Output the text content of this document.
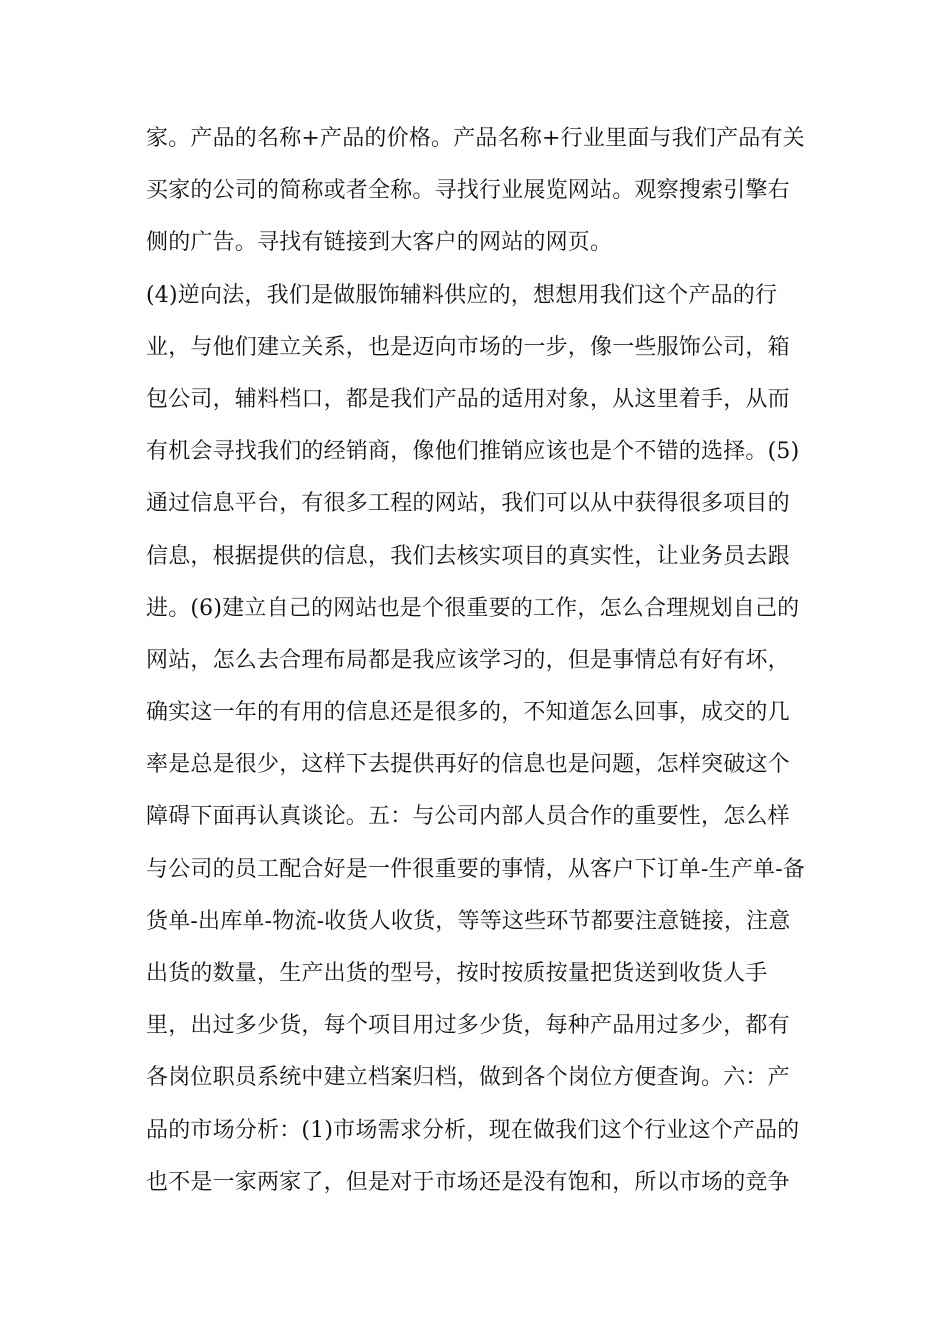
家。产品的名称+产品的价格。产品名称+行业里面与我们产品有关
买家的公司的简称或者全称。寻找行业展览网站。观察搜索引擎右
侧的广告。寻找有链接到大客户的网站的网页。
(4)逆向法，我们是做服饰辅料供应的，想想用我们这个产品的行
业，与他们建立关系，也是迈向市场的一步，像一些服饰公司，箱
包公司，辅料档口，都是我们产品的适用对象，从这里着手，从而
有机会寻找我们的经销商，像他们推销应该也是个不错的选择。(5)
通过信息平台，有很多工程的网站，我们可以从中获得很多项目的
信息，根据提供的信息，我们去核实项目的真实性，让业务员去跟
进。(6)建立自己的网站也是个很重要的工作，怎么合理规划自己的
网站，怎么去合理布局都是我应该学习的，但是事情总有好有坏，
确实这一年的有用的信息还是很多的，不知道怎么回事，成交的几
率是总是很少，这样下去提供再好的信息也是问题，怎样突破这个
障碍下面再认真谈论。五：与公司内部人员合作的重要性，怎么样
与公司的员工配合好是一件很重要的事情，从客户下订单-生产单-备
货单-出库单-物流-收货人收货，等等这些环节都要注意链接，注意
出货的数量，生产出货的型号，按时按质按量把货送到收货人手
里，出过多少货，每个项目用过多少货，每种产品用过多少，都有
各岗位职员系统中建立档案归档，做到各个岗位方便查询。六：产
品的市场分析：(1)市场需求分析，现在做我们这个行业这个产品的
也不是一家两家了，但是对于市场还是没有饱和，所以市场的竞争
